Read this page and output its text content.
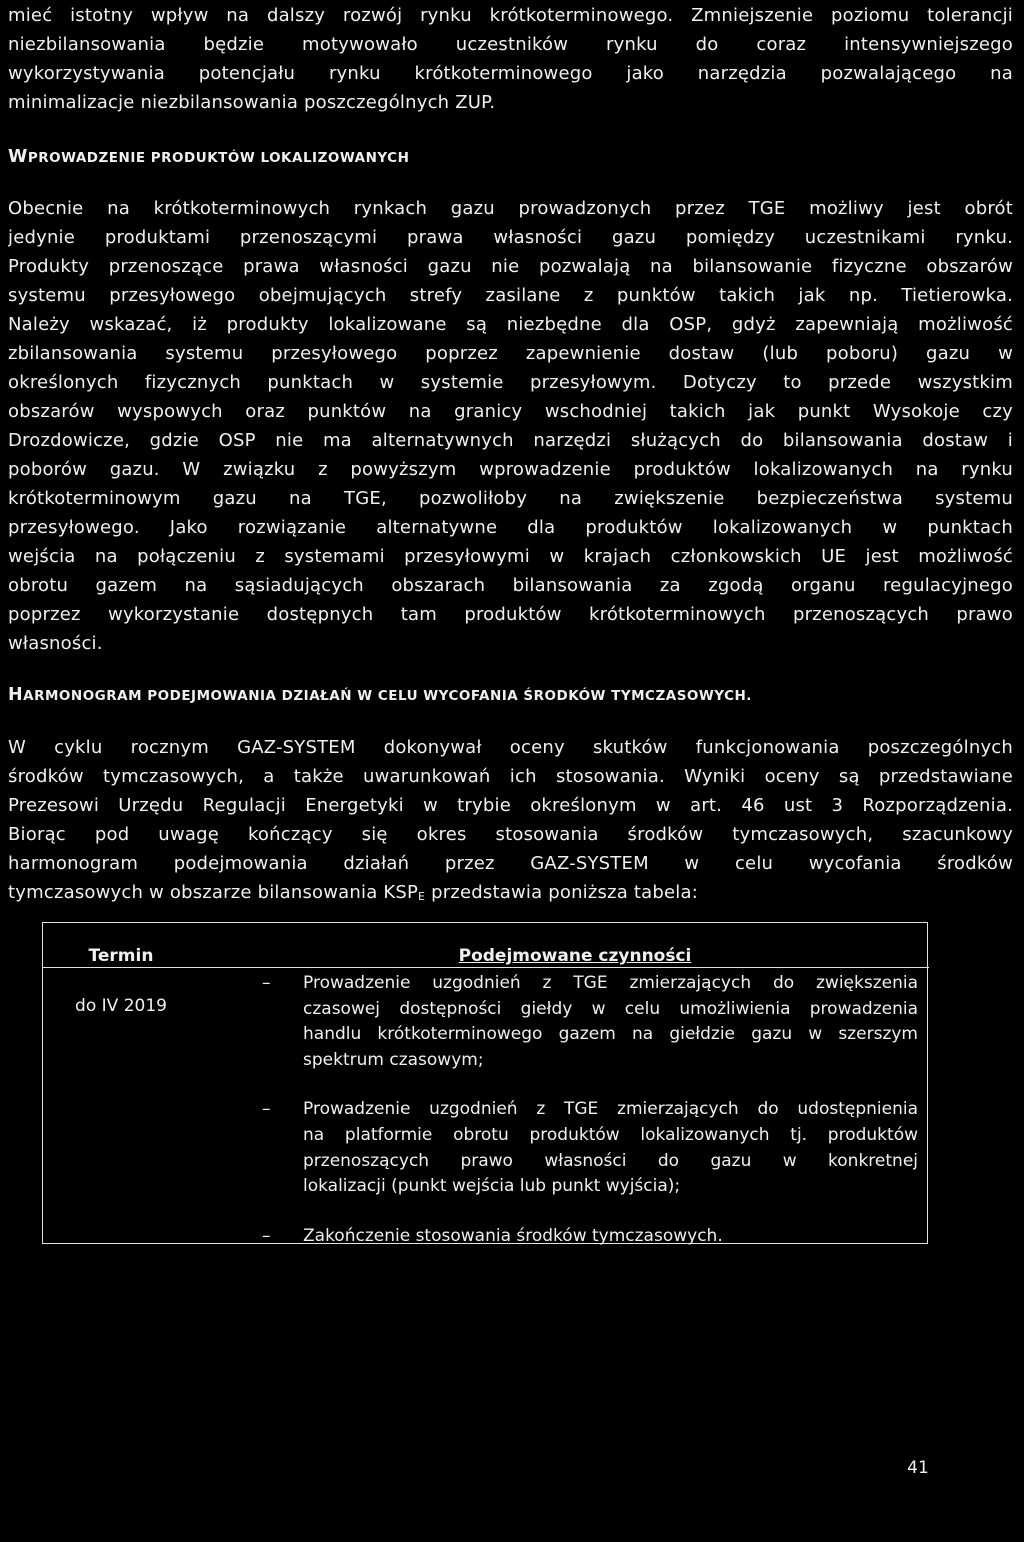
mieć istotny wpływ na dalszy rozwój rynku krótkoterminowego. Zmniejszenie poziomu tolerancji
niezbilansowania będzie motywowało uczestników rynku do coraz intensywniejszego
wykorzystywania potencjału rynku krótkoterminowego jako narzędzia pozwalającego na
minimalizacje niezbilansowania poszczególnych ZUP.
WPROWADZENIE PRODUKTÓW LOKALIZOWANYCH
Obecnie na krótkoterminowych rynkach gazu prowadzonych przez TGE możliwy jest obrót
jedynie produktami przenoszącymi prawa własności gazu pomiędzy uczestnikami rynku.
Produkty przenoszące prawa własności gazu nie pozwalają na bilansowanie fizyczne obszarów
systemu przesyłowego obejmujących strefy zasilane z punktów takich jak np. Tietierowka.
Należy wskazać, iż produkty lokalizowane są niezbędne dla OSP, gdyż zapewniają możliwość
zbilansowania systemu przesyłowego poprzez zapewnienie dostaw (lub poboru) gazu w
określonych fizycznych punktach w systemie przesyłowym. Dotyczy to przede wszystkim
obszarów wyspowych oraz punktów na granicy wschodniej takich jak punkt Wysokoje czy
Drozdowicze, gdzie OSP nie ma alternatywnych narzędzi służących do bilansowania dostaw i
poborów gazu. W związku z powyższym wprowadzenie produktów lokalizowanych na rynku
krótkoterminowym gazu na TGE, pozwoliłoby na zwiększenie bezpieczeństwa systemu
przesyłowego. Jako rozwiązanie alternatywne dla produktów lokalizowanych w punktach
wejścia na połączeniu z systemami przesyłowymi w krajach członkowskich UE jest możliwość
obrotu gazem na sąsiadujących obszarach bilansowania za zgodą organu regulacyjnego
poprzez wykorzystanie dostępnych tam produktów krótkoterminowych przenoszących prawo
własności.
HARMONOGRAM PODEJMOWANIA DZIAŁAŃ W CELU WYCOFANIA ŚRODKÓW TYMCZASOWYCH.
W cyklu rocznym GAZ-SYSTEM dokonywał oceny skutków funkcjonowania poszczególnych
środków tymczasowych, a także uwarunkowań ich stosowania. Wyniki oceny są przedstawiane
Prezesowi Urzędu Regulacji Energetyki w trybie określonym w art. 46 ust 3 Rozporządzenia.
Biorąc pod uwagę kończący się okres stosowania środków tymczasowych, szacunkowy
harmonogram podejmowania działań przez GAZ-SYSTEM w celu wycofania środków
tymczasowych w obszarze bilansowania KSPE przedstawia poniższa tabela:
Termin	Podejmowane czynności
do IV 2019
–	Prowadzenie uzgodnień z TGE zmierzających do zwiększenia
czasowej dostępności giełdy w celu umożliwienia prowadzenia
handlu krótkoterminowego gazem na giełdzie gazu w szerszym
spektrum czasowym;
–	Prowadzenie uzgodnień z TGE zmierzających do udostępnienia
na platformie obrotu produktów lokalizowanych tj. produktów
przenoszących prawo własności do gazu w konkretnej
lokalizacji (punkt wejścia lub punkt wyjścia);
–	Zakończenie stosowania środków tymczasowych.
41
